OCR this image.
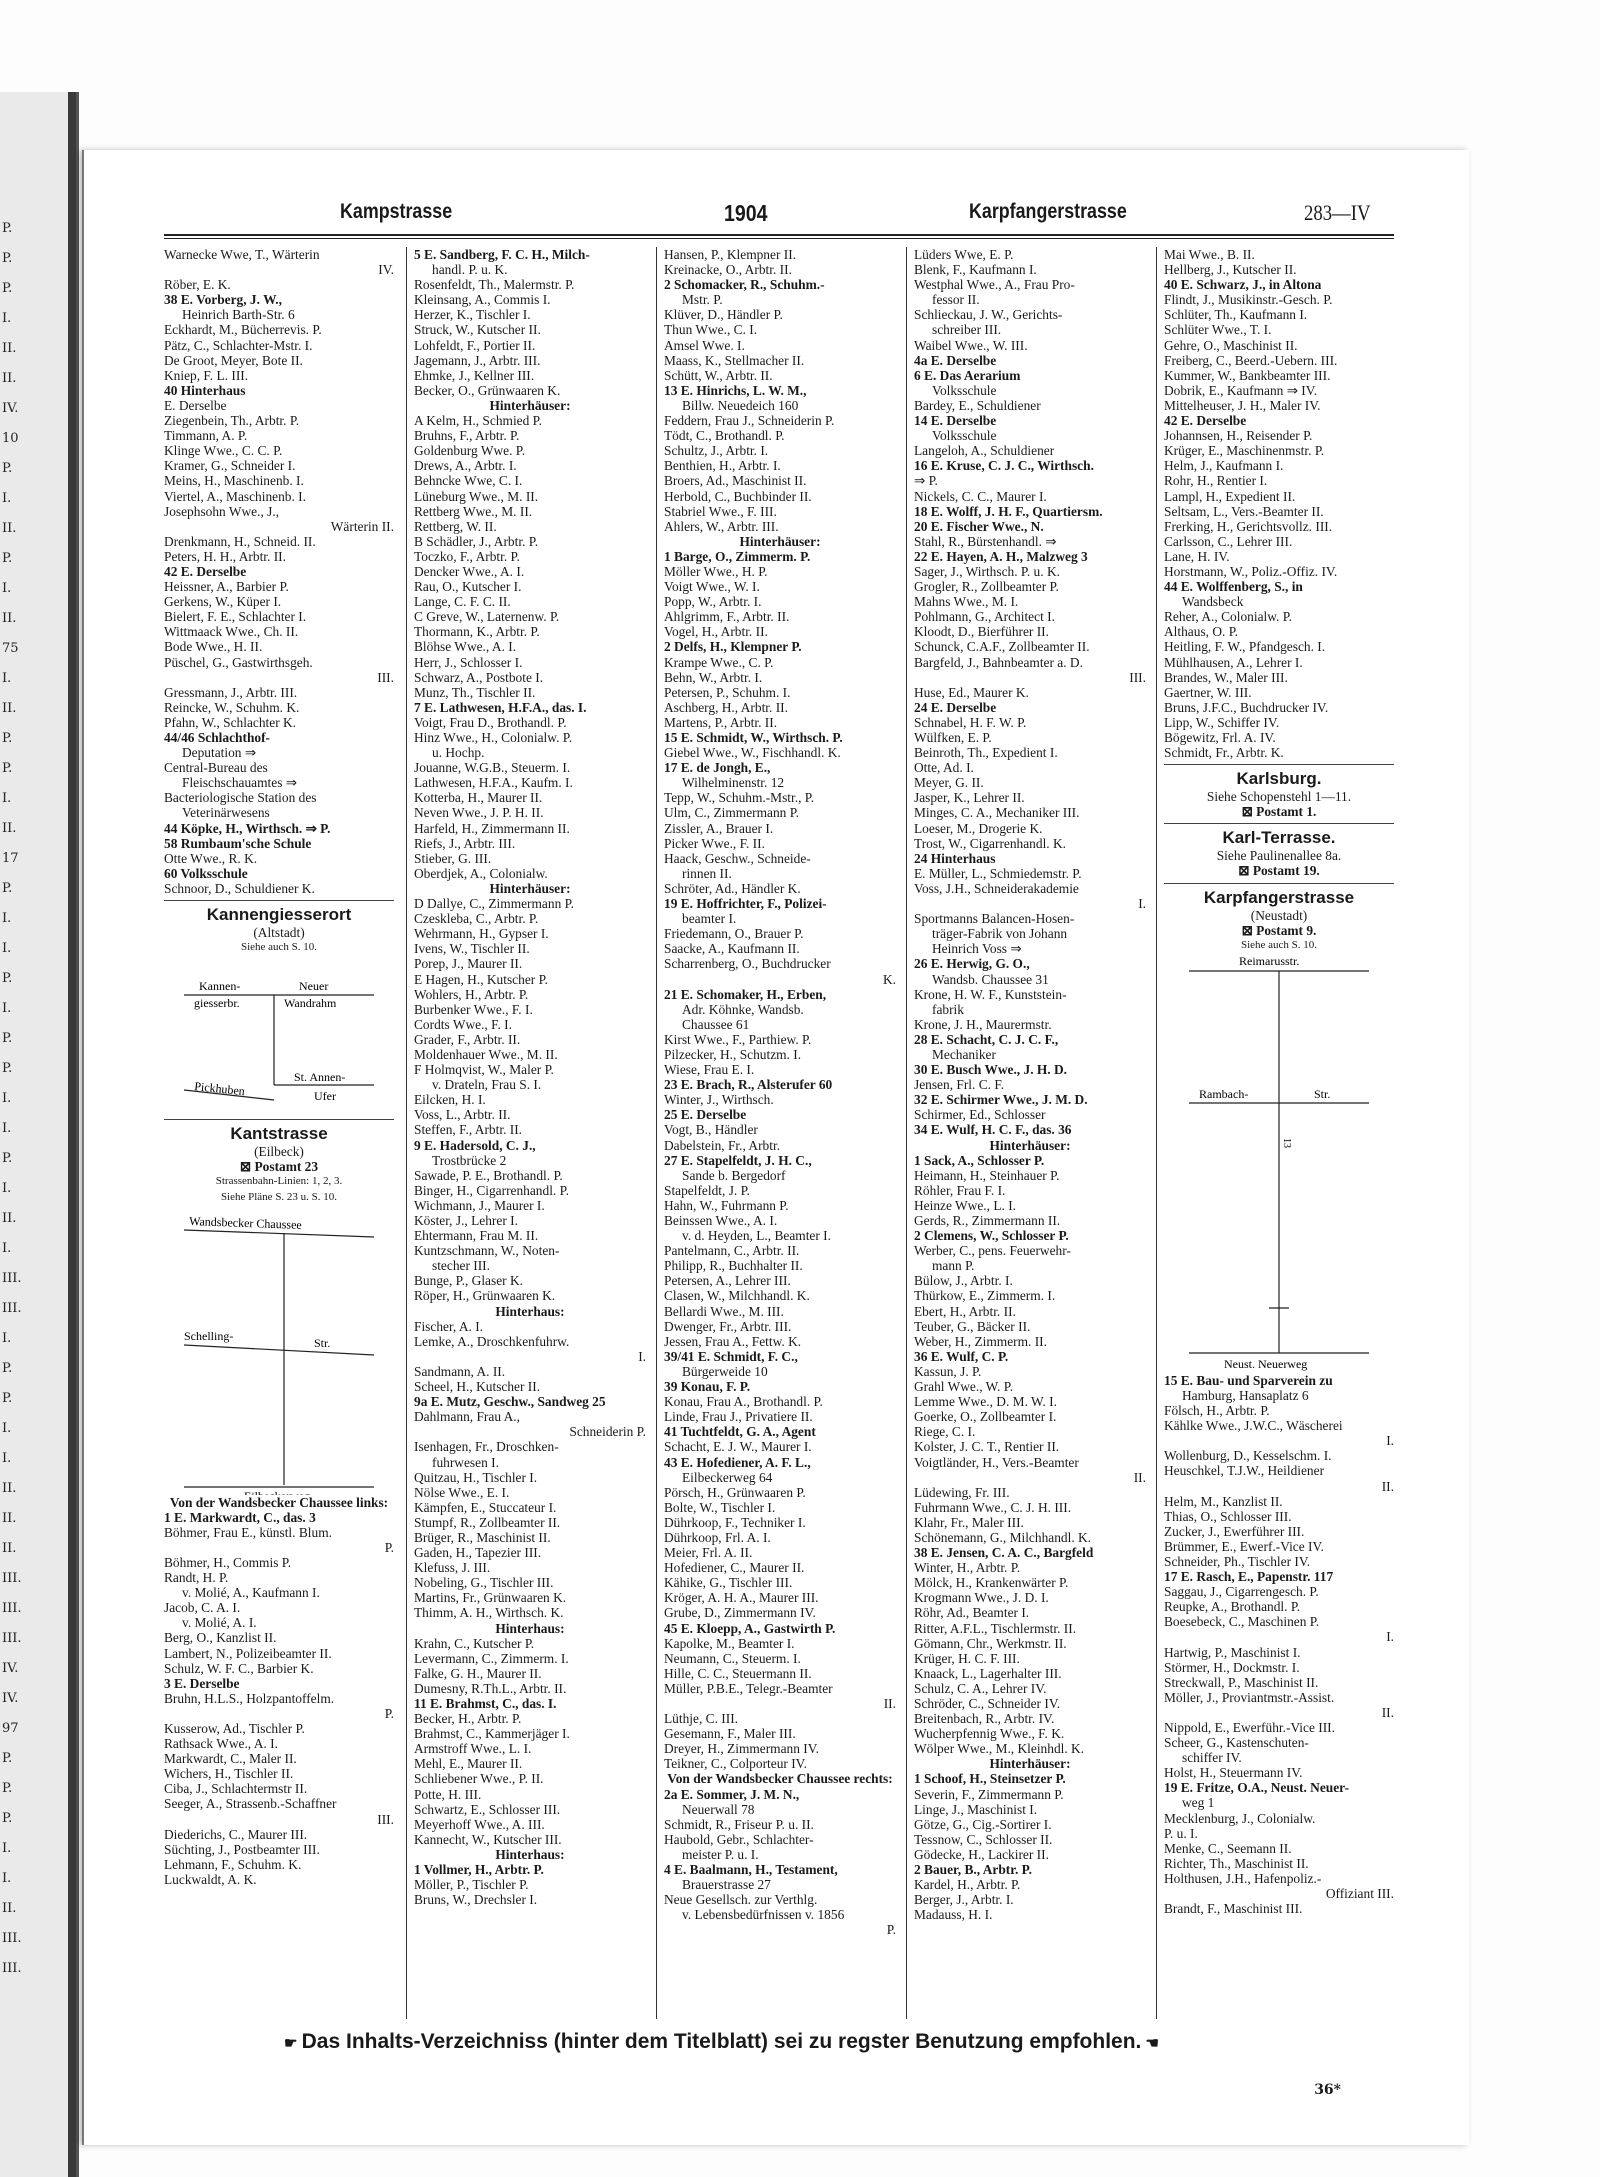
P.
P.
P.
I.
II.
II.
IV.
10
P.
I.
II.
P.
I.
II.
75
I.
II.
P.
P.
I.
II.
17
P.
I.
I.
P.
I.
P.
P.
I.
I.
P.
I.
II.
I.
III.
III.
I.
P.
P.
I.
I.
II.
II.
II.
III.
III.
III.
IV.
IV.
97
P.
P.
P.
I.
I.
II.
III.
III.
Kampstrasse	1904	Karpfangerstrasse	283—IV
Warnecke Wwe, T., Wärterin
IV.
Röber, E. K.
38 E. Vorberg, J. W.,
Heinrich Barth-Str. 6
Eckhardt, M., Bücherrevis. P.
Pätz, C., Schlachter-Mstr. I.
De Groot, Meyer, Bote II.
Kniep, F. L. III.
40 Hinterhaus
E. Derselbe
Ziegenbein, Th., Arbtr. P.
Timmann, A. P.
Klinge Wwe., C. C. P.
Kramer, G., Schneider I.
Meins, H., Maschinenb. I.
Viertel, A., Maschinenb. I.
Josephsohn Wwe., J.,
Wärterin II.
Drenkmann, H., Schneid. II.
Peters, H. H., Arbtr. II.
42 E. Derselbe
Heissner, A., Barbier P.
Gerkens, W., Küper I.
Bielert, F. E., Schlachter I.
Wittmaack Wwe., Ch. II.
Bode Wwe., H. II.
Püschel, G., Gastwirthsgeh.
III.
Gressmann, J., Arbtr. III.
Reincke, W., Schuhm. K.
Pfahn, W., Schlachter K.
44/46 Schlachthof-
Deputation ⇒
Central-Bureau des
Fleischschauamtes ⇒
Bacteriologische Station des
Veterinärwesens
44 Köpke, H., Wirthsch. ⇒ P.
58 Rumbaum'sche Schule
Otte Wwe., R. K.
60 Volksschule
Schnoor, D., Schuldiener K.
Kannengiesserort
(Altstadt)
Siehe auch S. 10.
Kannen-
giesserbr.
Neuer
Wandrahm
St. Annen-
Ufer
Pickhuben
Kantstrasse
(Eilbeck)
⊠ Postamt 23
Strassenbahn-Linien: 1, 2, 3.
Siehe Pläne S. 23 u. S. 10.
Wandsbecker Chaussee
Schelling-	Str.
Von der Wandsbecker Chaussee links:
1 E. Markwardt, C., das. 3
Böhmer, Frau E., künstl. Blum.
P.
Böhmer, H., Commis P.
Randt, H. P.
v. Molié, A., Kaufmann I.
Jacob, C. A. I.
v. Molié, A. I.
Berg, O., Kanzlist II.
Lambert, N., Polizeibeamter II.
Schulz, W. F. C., Barbier K.
3 E. Derselbe
Bruhn, H.L.S., Holzpantoffelm.
P.
Kusserow, Ad., Tischler P.
Rathsack Wwe., A. I.
Markwardt, C., Maler II.
Wichers, H., Tischler II.
Ciba, J., Schlachtermstr II.
Seeger, A., Strassenb.-Schaffner
III.
Diederichs, C., Maurer III.
Süchting, J., Postbeamter III.
Lehmann, F., Schuhm. K.
Luckwaldt, A. K.
5 E. Sandberg, F. C. H., Milch-
handl. P. u. K.
Rosenfeldt, Th., Malermstr. P.
Kleinsang, A., Commis I.
Herzer, K., Tischler I.
Struck, W., Kutscher II.
Lohfeldt, F., Portier II.
Jagemann, J., Arbtr. III.
Ehmke, J., Kellner III.
Becker, O., Grünwaaren K.
Hinterhäuser:
A Kelm, H., Schmied P.
Bruhns, F., Arbtr. P.
Goldenburg Wwe. P.
Drews, A., Arbtr. I.
Behncke Wwe, C. I.
Lüneburg Wwe., M. II.
Rettberg Wwe., M. II.
Rettberg, W. II.
B Schädler, J., Arbtr. P.
Toczko, F., Arbtr. P.
Dencker Wwe., A. I.
Rau, O., Kutscher I.
Lange, C. F. C. II.
C Greve, W., Laternenw. P.
Thormann, K., Arbtr. P.
Blöhse Wwe., A. I.
Herr, J., Schlosser I.
Schwarz, A., Postbote I.
Munz, Th., Tischler II.
7 E. Lathwesen, H.F.A., das. I.
Voigt, Frau D., Brothandl. P.
Hinz Wwe., H., Colonialw. P.
u. Hochp.
Jouanne, W.G.B., Steuerm. I.
Lathwesen, H.F.A., Kaufm. I.
Kotterba, H., Maurer II.
Neven Wwe., J. P. H. II.
Harfeld, H., Zimmermann II.
Riefs, J., Arbtr. III.
Stieber, G. III.
Oberdjek, A., Colonialw.
Hinterhäuser:
D Dallye, C., Zimmermann P.
Czeskleba, C., Arbtr. P.
Wehrmann, H., Gypser I.
Ivens, W., Tischler II.
Porep, J., Maurer II.
E Hagen, H., Kutscher P.
Wohlers, H., Arbtr. P.
Burbenker Wwe., F. I.
Cordts Wwe., F. I.
Grader, F., Arbtr. II.
Moldenhauer Wwe., M. II.
F Holmqvist, W., Maler P.
v. Drateln, Frau S. I.
Eilcken, H. I.
Voss, L., Arbtr. II.
Steffen, F., Arbtr. II.
9 E. Hadersold, C. J.,
Trostbrücke 2
Sawade, P. E., Brothandl. P.
Binger, H., Cigarrenhandl. P.
Wichmann, J., Maurer I.
Köster, J., Lehrer I.
Ehtermann, Frau M. II.
Kuntzschmann, W., Noten-
stecher III.
Bunge, P., Glaser K.
Röper, H., Grünwaaren K.
Hinterhaus:
Fischer, A. I.
Lemke, A., Droschkenfuhrw.
I.
Sandmann, A. II.
Scheel, H., Kutscher II.
9a E. Mutz, Geschw., Sandweg 25
Dahlmann, Frau A.,
Schneiderin P.
Isenhagen, Fr., Droschken-
fuhrwesen I.
Quitzau, H., Tischler I.
Nölse Wwe., E. I.
Kämpfen, E., Stuccateur I.
Stumpf, R., Zollbeamter II.
Brüger, R., Maschinist II.
Gaden, H., Tapezier III.
Klefuss, J. III.
Nobeling, G., Tischler III.
Martins, Fr., Grünwaaren K.
Thimm, A. H., Wirthsch. K.
Hinterhaus:
Krahn, C., Kutscher P.
Levermann, C., Zimmerm. I.
Falke, G. H., Maurer II.
Dumesny, R.Th.L., Arbtr. II.
11 E. Brahmst, C., das. I.
Becker, H., Arbtr. P.
Brahmst, C., Kammerjäger I.
Armstroff Wwe., L. I.
Mehl, E., Maurer II.
Schliebener Wwe., P. II.
Potte, H. III.
Schwartz, E., Schlosser III.
Meyerhoff Wwe., A. III.
Kannecht, W., Kutscher III.
Hinterhaus:
1 Vollmer, H., Arbtr. P.
Möller, P., Tischler P.
Bruns, W., Drechsler I.
Hansen, P., Klempner II.
Kreinacke, O., Arbtr. II.
2 Schomacker, R., Schuhm.-
Mstr. P.
Klüver, D., Händler P.
Thun Wwe., C. I.
Amsel Wwe. I.
Maass, K., Stellmacher II.
Schütt, W., Arbtr. II.
13 E. Hinrichs, L. W. M.,
Billw. Neuedeich 160
Feddern, Frau J., Schneiderin P.
Tödt, C., Brothandl. P.
Schultz, J., Arbtr. I.
Benthien, H., Arbtr. I.
Broers, Ad., Maschinist II.
Herbold, C., Buchbinder II.
Stabriel Wwe., F. III.
Ahlers, W., Arbtr. III.
Hinterhäuser:
1 Barge, O., Zimmerm. P.
Möller Wwe., H. P.
Voigt Wwe., W. I.
Popp, W., Arbtr. I.
Ahlgrimm, F., Arbtr. II.
Vogel, H., Arbtr. II.
2 Delfs, H., Klempner P.
Krampe Wwe., C. P.
Behn, W., Arbtr. I.
Petersen, P., Schuhm. I.
Aschberg, H., Arbtr. II.
Martens, P., Arbtr. II.
15 E. Schmidt, W., Wirthsch. P.
Giebel Wwe., W., Fischhandl. K.
17 E. de Jongh, E.,
Wilhelminenstr. 12
Tepp, W., Schuhm.-Mstr., P.
Ulm, C., Zimmermann P.
Zissler, A., Brauer I.
Picker Wwe., F. II.
Haack, Geschw., Schneide-
rinnen II.
Schröter, Ad., Händler K.
19 E. Hoffrichter, F., Polizei-
beamter I.
Friedemann, O., Brauer P.
Saacke, A., Kaufmann II.
Scharrenberg, O., Buchdrucker
K.
21 E. Schomaker, H., Erben,
Adr. Köhnke, Wandsb.
Chaussee 61
Kirst Wwe., F., Parthiew. P.
Pilzecker, H., Schutzm. I.
Wiese, Frau E. I.
23 E. Brach, R., Alsterufer 60
Winter, J., Wirthsch.
25 E. Derselbe
Vogt, B., Händler
Dabelstein, Fr., Arbtr.
27 E. Stapelfeldt, J. H. C.,
Sande b. Bergedorf
Stapelfeldt, J. P.
Hahn, W., Fuhrmann P.
Beinssen Wwe., A. I.
v. d. Heyden, L., Beamter I.
Pantelmann, C., Arbtr. II.
Philipp, R., Buchhalter II.
Petersen, A., Lehrer III.
Clasen, W., Milchhandl. K.
Bellardi Wwe., M. III.
Dwenger, Fr., Arbtr. III.
Jessen, Frau A., Fettw. K.
39/41 E. Schmidt, F. C.,
Bürgerweide 10
39 Konau, F. P.
Konau, Frau A., Brothandl. P.
Linde, Frau J., Privatiere II.
41 Tuchtfeldt, G. A., Agent
Schacht, E. J. W., Maurer I.
43 E. Hofediener, A. F. L.,
Eilbeckerweg 64
Pörsch, H., Grünwaaren P.
Bolte, W., Tischler I.
Dührkoop, F., Techniker I.
Dührkoop, Frl. A. I.
Meier, Frl. A. II.
Hofediener, C., Maurer II.
Kähike, G., Tischler III.
Kröger, A. H. A., Maurer III.
Grube, D., Zimmermann IV.
45 E. Kloepp, A., Gastwirth P.
Kapolke, M., Beamter I.
Neumann, C., Steuerm. I.
Hille, C. C., Steuermann II.
Müller, P.B.E., Telegr.-Beamter
II.
Lüthje, C. III.
Gesemann, F., Maler III.
Dreyer, H., Zimmermann IV.
Teikner, C., Colporteur IV.
Von der Wandsbecker Chaussee rechts:
2a E. Sommer, J. M. N.,
Neuerwall 78
Schmidt, R., Friseur P. u. II.
Haubold, Gebr., Schlachter-
meister P. u. I.
4 E. Baalmann, H., Testament,
Brauerstrasse 27
Neue Gesellsch. zur Verthlg.
v. Lebensbedürfnissen v. 1856
P.
Lüders Wwe, E. P.
Blenk, F., Kaufmann I.
Westphal Wwe., A., Frau Pro-
fessor II.
Schlieckau, J. W., Gerichts-
schreiber III.
Waibel Wwe., W. III.
4a E. Derselbe
6 E. Das Aerarium
Volksschule
Bardey, E., Schuldiener
14 E. Derselbe
Volksschule
Langeloh, A., Schuldiener
16 E. Kruse, C. J. C., Wirthsch.
⇒ P.
Nickels, C. C., Maurer I.
18 E. Wolff, J. H. F., Quartiersm.
20 E. Fischer Wwe., N.
Stahl, R., Bürstenhandl. ⇒
22 E. Hayen, A. H., Malzweg 3
Sager, J., Wirthsch. P. u. K.
Grogler, R., Zollbeamter P.
Mahns Wwe., M. I.
Pohlmann, G., Architect I.
Kloodt, D., Bierführer II.
Schunck, C.A.F., Zollbeamter II.
Bargfeld, J., Bahnbeamter a. D.
III.
Huse, Ed., Maurer K.
24 E. Derselbe
Schnabel, H. F. W. P.
Wülfken, E. P.
Beinroth, Th., Expedient I.
Otte, Ad. I.
Meyer, G. II.
Jasper, K., Lehrer II.
Minges, C. A., Mechaniker III.
Loeser, M., Drogerie K.
Trost, W., Cigarrenhandl. K.
24 Hinterhaus
E. Müller, L., Schmiedemstr. P.
Voss, J.H., Schneiderakademie
I.
Sportmanns Balancen-Hosen-
träger-Fabrik von Johann
Heinrich Voss ⇒
26 E. Herwig, G. O.,
Wandsb. Chaussee 31
Krone, H. W. F., Kunststein-
fabrik
Krone, J. H., Maurermstr.
28 E. Schacht, C. J. C. F.,
Mechaniker
30 E. Busch Wwe., J. H. D.
Jensen, Frl. C. F.
32 E. Schirmer Wwe., J. M. D.
Schirmer, Ed., Schlosser
34 E. Wulf, H. C. F., das. 36
Hinterhäuser:
1 Sack, A., Schlosser P.
Heimann, H., Steinhauer P.
Röhler, Frau F. I.
Heinze Wwe., L. I.
Gerds, R., Zimmermann II.
2 Clemens, W., Schlosser P.
Werber, C., pens. Feuerwehr-
mann P.
Bülow, J., Arbtr. I.
Thürkow, E., Zimmerm. I.
Ebert, H., Arbtr. II.
Teuber, G., Bäcker II.
Weber, H., Zimmerm. II.
36 E. Wulf, C. P.
Kassun, J. P.
Grahl Wwe., W. P.
Lemme Wwe., D. M. W. I.
Goerke, O., Zollbeamter I.
Riege, C. I.
Kolster, J. C. T., Rentier II.
Voigtländer, H., Vers.-Beamter
II.
Lüdewing, Fr. III.
Fuhrmann Wwe., C. J. H. III.
Klahr, Fr., Maler III.
Schönemann, G., Milchhandl. K.
38 E. Jensen, C. A. C., Bargfeld
Winter, H., Arbtr. P.
Mölck, H., Krankenwärter P.
Krogmann Wwe., J. D. I.
Röhr, Ad., Beamter I.
Ritter, A.F.L., Tischlermstr. II.
Gömann, Chr., Werkmstr. II.
Krüger, H. C. F. III.
Knaack, L., Lagerhalter III.
Schulz, C. A., Lehrer IV.
Schröder, C., Schneider IV.
Breitenbach, R., Arbtr. IV.
Wucherpfennig Wwe., F. K.
Wölper Wwe., M., Kleinhdl. K.
Hinterhäuser:
1 Schoof, H., Steinsetzer P.
Severin, F., Zimmermann P.
Linge, J., Maschinist I.
Götze, G., Cig.-Sortirer I.
Tessnow, C., Schlosser II.
Gödecke, H., Lackirer II.
2 Bauer, B., Arbtr. P.
Kardel, H., Arbtr. P.
Berger, J., Arbtr. I.
Madauss, H. I.
Mai Wwe., B. II.
Hellberg, J., Kutscher II.
40 E. Schwarz, J., in Altona
Flindt, J., Musikinstr.-Gesch. P.
Schlüter, Th., Kaufmann I.
Schlüter Wwe., T. I.
Gehre, O., Maschinist II.
Freiberg, C., Beerd.-Uebern. III.
Kummer, W., Bankbeamter III.
Dobrik, E., Kaufmann ⇒ IV.
Mittelheuser, J. H., Maler IV.
42 E. Derselbe
Johannsen, H., Reisender P.
Krüger, E., Maschinenmstr. P.
Helm, J., Kaufmann I.
Rohr, H., Rentier I.
Lampl, H., Expedient II.
Seltsam, L., Vers.-Beamter II.
Frerking, H., Gerichtsvollz. III.
Carlsson, C., Lehrer III.
Lane, H. IV.
Horstmann, W., Poliz.-Offiz. IV.
44 E. Wolffenberg, S., in
Wandsbeck
Reher, A., Colonialw. P.
Althaus, O. P.
Heitling, F. W., Pfandgesch. I.
Mühlhausen, A., Lehrer I.
Brandes, W., Maler III.
Gaertner, W. III.
Bruns, J.F.C., Buchdrucker IV.
Lipp, W., Schiffer IV.
Bögewitz, Frl. A. IV.
Schmidt, Fr., Arbtr. K.
Karlsburg.
Siehe Schopenstehl 1—11.
⊠ Postamt 1.
Karl-Terrasse.
Siehe Paulinenallee 8a.
⊠ Postamt 19.
Karpfangerstrasse
(Neustadt)
⊠ Postamt 9.
Siehe auch S. 10.
Reimarusstr.
Rambach-	Str.
13
Neust. Neuerweg
15 E. Bau- und Sparverein zu
Hamburg, Hansaplatz 6
Fölsch, H., Arbtr. P.
Kählke Wwe., J.W.C., Wäscherei
I.
Wollenburg, D., Kesselschm. I.
Heuschkel, T.J.W., Heildiener
II.
Helm, M., Kanzlist II.
Thias, O., Schlosser III.
Zucker, J., Ewerführer III.
Brümmer, E., Ewerf.-Vice IV.
Schneider, Ph., Tischler IV.
17 E. Rasch, E., Papenstr. 117
Saggau, J., Cigarrengesch. P.
Reupke, A., Brothandl. P.
Boesebeck, C., Maschinen P.
I.
Hartwig, P., Maschinist I.
Störmer, H., Dockmstr. I.
Streckwall, P., Maschinist II.
Möller, J., Proviantmstr.-Assist.
II.
Nippold, E., Ewerführ.-Vice III.
Scheer, G., Kastenschuten-
schiffer IV.
Holst, H., Steuermann IV.
19 E. Fritze, O.A., Neust. Neuer-
weg 1
Mecklenburg, J., Colonialw.
P. u. I.
Menke, C., Seemann II.
Richter, Th., Maschinist II.
Holthusen, J.H., Hafenpoliz.-
Offiziant III.
Brandt, F., Maschinist III.
☛ Das Inhalts-Verzeichniss (hinter dem Titelblatt) sei zu regster Benutzung empfohlen. ☚
36*
